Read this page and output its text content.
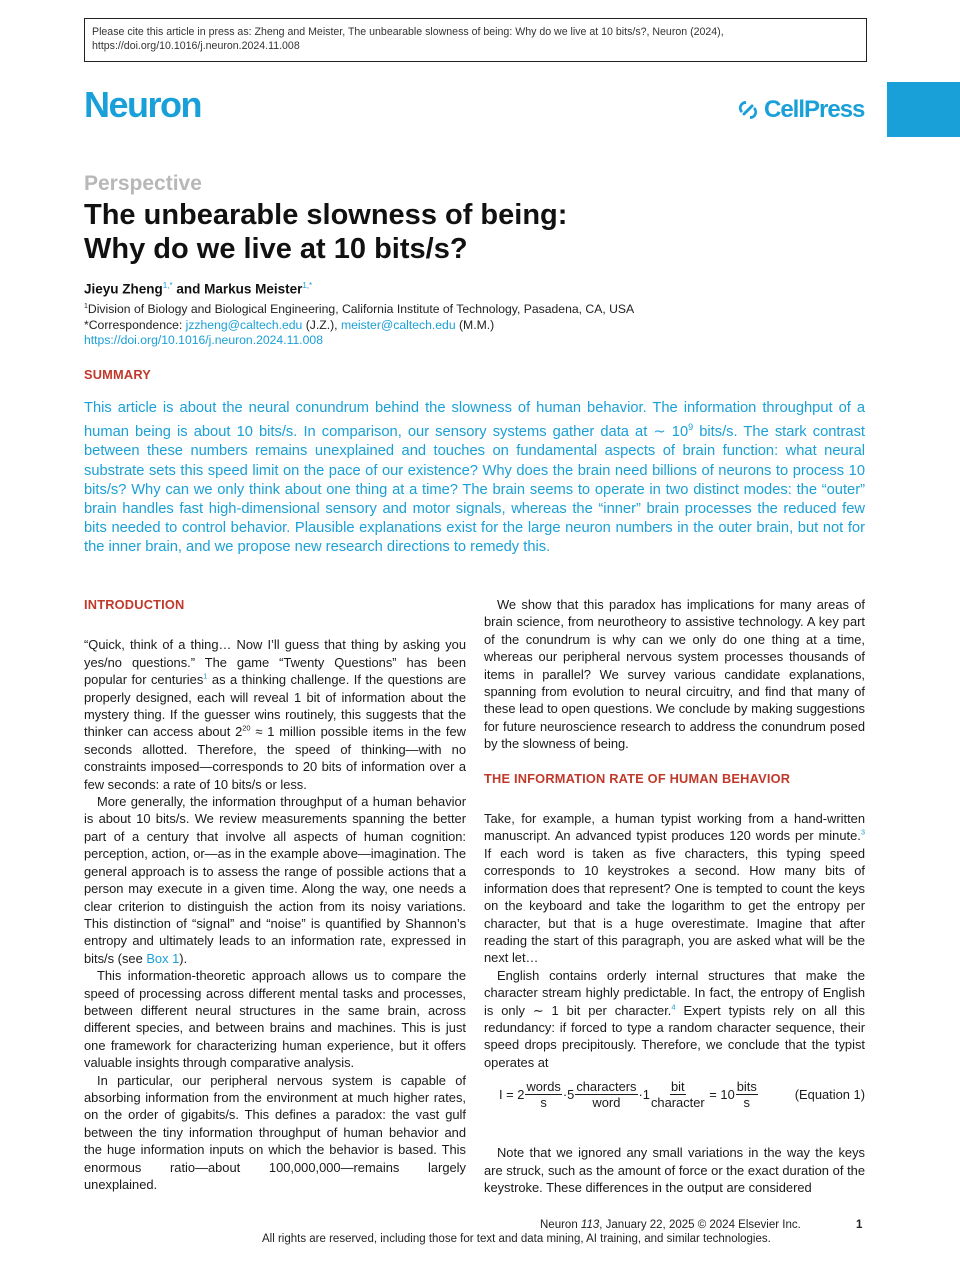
Please cite this article in press as: Zheng and Meister, The unbearable slowness of being: Why do we live at 10 bits/s?, Neuron (2024), https://doi.org/10.1016/j.neuron.2024.11.008
Neuron	CellPress
Perspective
The unbearable slowness of being:
Why do we live at 10 bits/s?
Jieyu Zheng$^{1,*}$ and Markus Meister$^{1,*}$
$^1$Division of Biology and Biological Engineering, California Institute of Technology, Pasadena, CA, USA
*Correspondence: jzzheng@caltech.edu (J.Z.), meister@caltech.edu (M.M.)
https://doi.org/10.1016/j.neuron.2024.11.008
SUMMARY
This article is about the neural conundrum behind the slowness of human behavior. The information throughput of a human being is about 10 bits/s. In comparison, our sensory systems gather data at ∼ $10^9$ bits/s. The stark contrast between these numbers remains unexplained and touches on fundamental aspects of brain function: what neural substrate sets this speed limit on the pace of our existence? Why does the brain need billions of neurons to process 10 bits/s? Why can we only think about one thing at a time? The brain seems to operate in two distinct modes: the “outer” brain handles fast high-dimensional sensory and motor signals, whereas the “inner” brain processes the reduced few bits needed to control behavior. Plausible explanations exist for the large neuron numbers in the outer brain, but not for the inner brain, and we propose new research directions to remedy this.
INTRODUCTION

“Quick, think of a thing… Now I’ll guess that thing by asking you yes/no questions.” The game “Twenty Questions” has been popular for centuries$^1$ as a thinking challenge. If the questions are properly designed, each will reveal 1 bit of information about the mystery thing. If the guesser wins routinely, this suggests that the thinker can access about $2^{20} \approx 1$ million possible items in the few seconds allotted. Therefore, the speed of thinking—with no constraints imposed—corresponds to 20 bits of information over a few seconds: a rate of 10 bits/s or less.

More generally, the information throughput of a human behavior is about 10 bits/s. We review measurements spanning the better part of a century that involve all aspects of human cognition: perception, action, or—as in the example above—imagination. The general approach is to assess the range of possible actions that a person may execute in a given time. Along the way, one needs a clear criterion to distinguish the action from its noisy variations. This distinction of “signal” and “noise” is quantified by Shannon’s entropy and ultimately leads to an information rate, expressed in bits/s (see Box 1).

This information-theoretic approach allows us to compare the speed of processing across different mental tasks and processes, between different neural structures in the same brain, across different species, and between brains and machines. This is just one framework for characterizing human experience, but it offers valuable insights through comparative analysis.

In particular, our peripheral nervous system is capable of absorbing information from the environment at much higher rates, on the order of gigabits/s. This defines a paradox: the vast gulf between the tiny information throughput of human behavior and the huge information inputs on which the behavior is based. This enormous ratio—about 100,000,000—remains largely unexplained.

We show that this paradox has implications for many areas of brain science, from neurotheory to assistive technology. A key part of the conundrum is why can we only do one thing at a time, whereas our peripheral nervous system processes thousands of items in parallel? We survey various candidate explanations, spanning from evolution to neural circuitry, and find that many of these lead to open questions. We conclude by making suggestions for future neuroscience research to address the conundrum posed by the slowness of being.

THE INFORMATION RATE OF HUMAN BEHAVIOR

Take, for example, a human typist working from a hand-written manuscript. An advanced typist produces 120 words per minute.$^3$ If each word is taken as five characters, this typing speed corresponds to 10 keystrokes a second. How many bits of information does that represent? One is tempted to count the keys on the keyboard and take the logarithm to get the entropy per character, but that is a huge overestimate. Imagine that after reading the start of this paragraph, you are asked what will be the next let…

English contains orderly internal structures that make the character stream highly predictable. In fact, the entropy of English is only ∼ 1 bit per character.$^4$ Expert typists rely on all this redundancy: if forced to type a random character sequence, their speed drops precipitously. Therefore, we conclude that the typist operates at

$I = 2 \frac{\text{words}}{s} \cdot 5 \frac{\text{characters}}{\text{word}} \cdot 1 \frac{\text{bit}}{\text{character}} = 10 \frac{\text{bits}}{s}$	(Equation 1)

Note that we ignored any small variations in the way the keys are struck, such as the amount of force or the exact duration of the keystroke. These differences in the output are considered

Neuron 113, January 22, 2025 © 2024 Elsevier Inc.	1
All rights are reserved, including those for text and data mining, AI training, and similar technologies.
